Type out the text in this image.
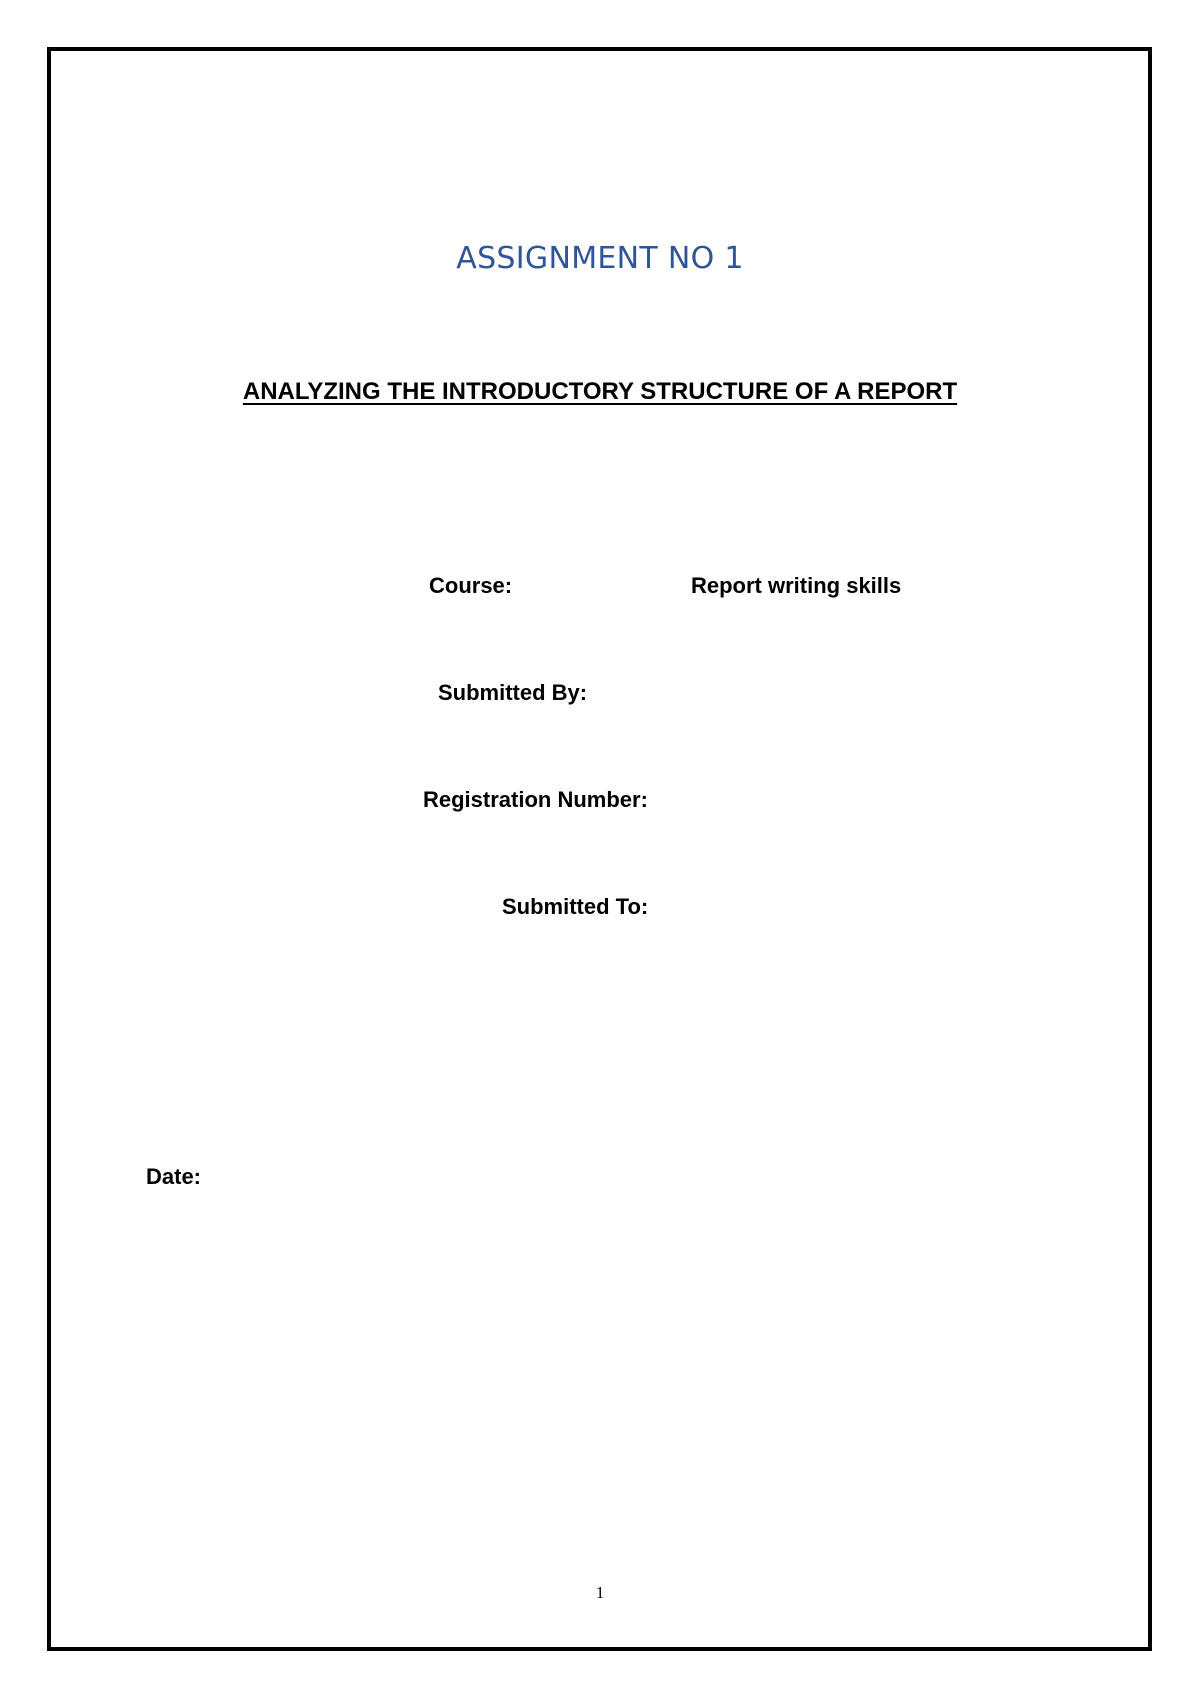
ASSIGNMENT NO 1
ANALYZING THE INTRODUCTORY STRUCTURE OF A REPORT
Course:	Report writing skills
Submitted By:
Registration Number:
Submitted To:
Date:
1
